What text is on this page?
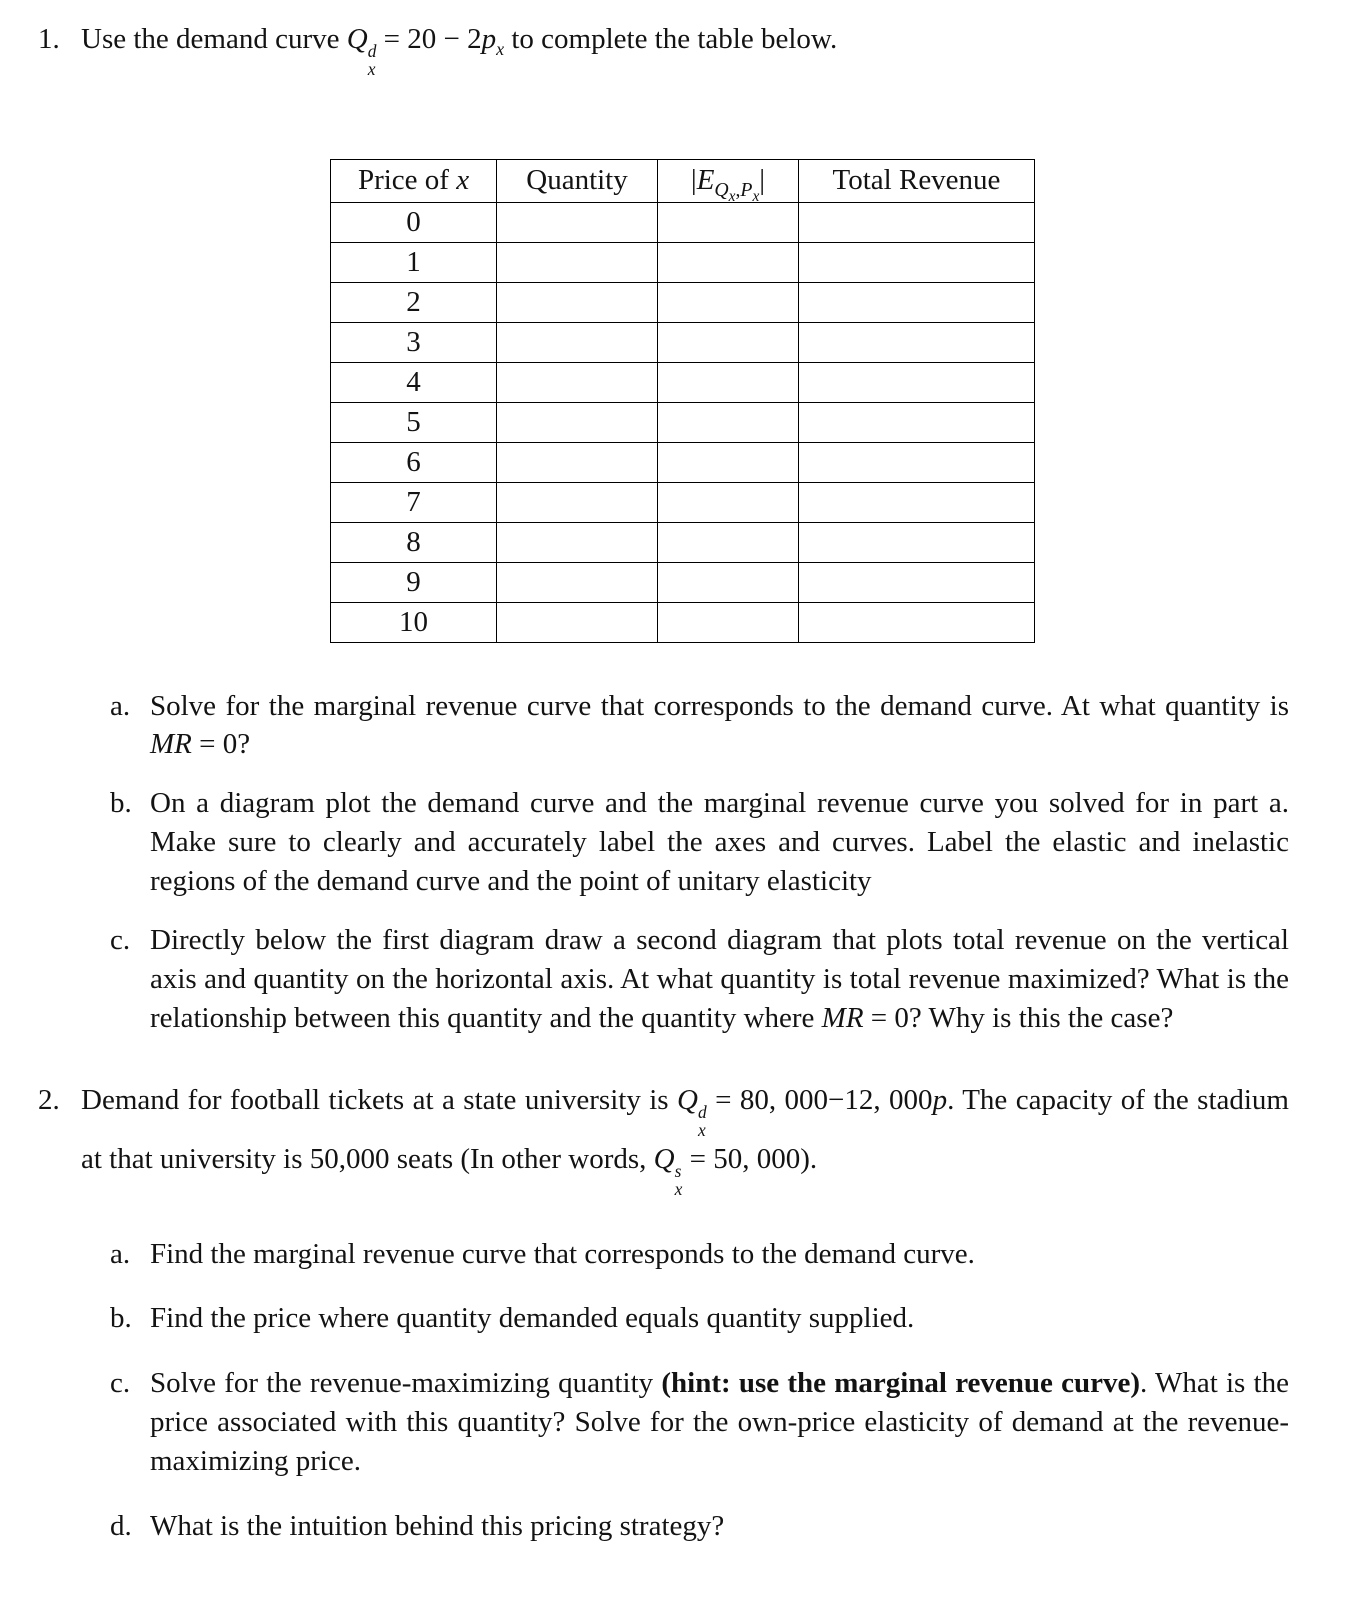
1. Use the demand curve Q d
x
= $20 - 2p_x$ to complete the table below.
Price of x	Quantity	$|E_{Q_x,P_x}|$	Total Revenue
0			
1			
2			
3			
4			
5			
6			
7			
8			
9			
10			
a. Solve for the marginal revenue curve that corresponds to the demand curve. At what quantity is MR = 0?
b. On a diagram plot the demand curve and the marginal revenue curve you solved for in part a. Make sure to clearly and accurately label the axes and curves. Label the elastic and inelastic regions of the demand curve and the point of unitary elasticity
c. Directly below the first diagram draw a second diagram that plots total revenue on the vertical axis and quantity on the horizontal axis. At what quantity is total revenue maximized? What is the relationship between this quantity and the quantity where MR = 0? Why is this the case?
2. Demand for football tickets at a state university is Q d
x
= 80, 000−12, 000p. The capacity of the stadium at that university is 50,000 seats (In other words, Q s
x
= 50, 000).
a. Find the marginal revenue curve that corresponds to the demand curve.
b. Find the price where quantity demanded equals quantity supplied.
c. Solve for the revenue-maximizing quantity (hint: use the marginal revenue curve). What is the price associated with this quantity? Solve for the own-price elasticity of demand at the revenue-maximizing price.
d. What is the intuition behind this pricing strategy?
